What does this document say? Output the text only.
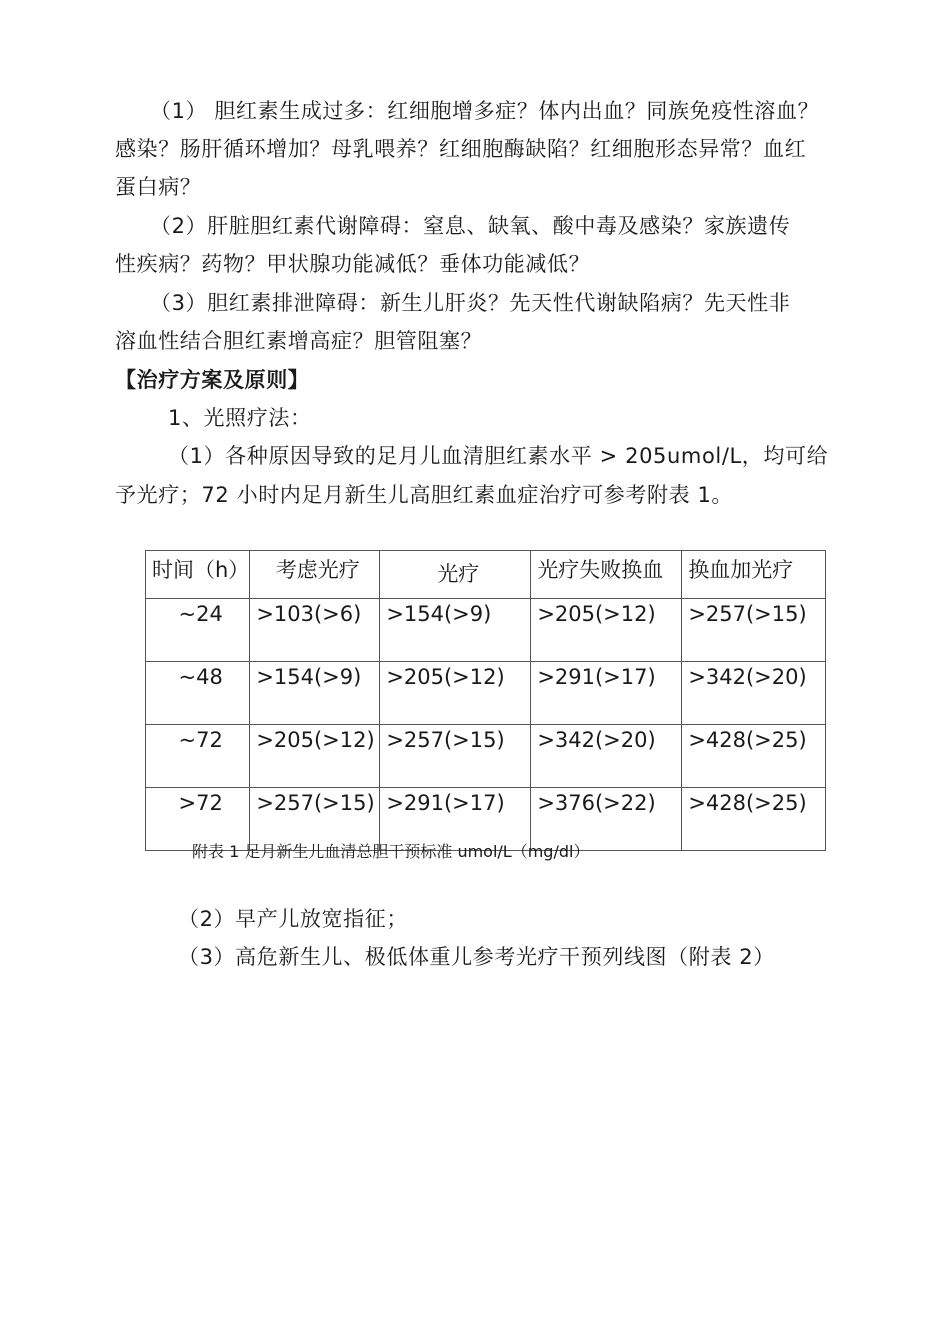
（1） 胆红素生成过多：红细胞增多症？体内出血？同族免疫性溶血？
感染？肠肝循环增加？母乳喂养？红细胞酶缺陷？红细胞形态异常？血红
蛋白病？
（2）肝脏胆红素代谢障碍：窒息、缺氧、酸中毒及感染？家族遗传
性疾病？药物？甲状腺功能减低？垂体功能减低？
（3）胆红素排泄障碍：新生儿肝炎？先天性代谢缺陷病？先天性非
溶血性结合胆红素增高症？胆管阻塞？
【治疗方案及原则】
1、光照疗法：
（1）各种原因导致的足月儿血清胆红素水平 > 205umol/L，均可给
予光疗；72 小时内足月新生儿高胆红素血症治疗可参考附表 1。
时间（h）	考虑光疗	光疗	光疗失败换血	换血加光疗

~24	>103(>6)	>154(>9)	>205(>12)	>257(>15)

~48	>154(>9)	>205(>12)	>291(>17)	>342(>20)

~72	>205(>12)	>257(>15)	>342(>20)	>428(>25)

>72	>257(>15)	>291(>17)	>376(>22)	>428(>25)
附表 1 足月新生儿血清总胆干预标准 umol/L（mg/dl）
（2）早产儿放宽指征；
（3）高危新生儿、极低体重儿参考光疗干预列线图（附表 2）
